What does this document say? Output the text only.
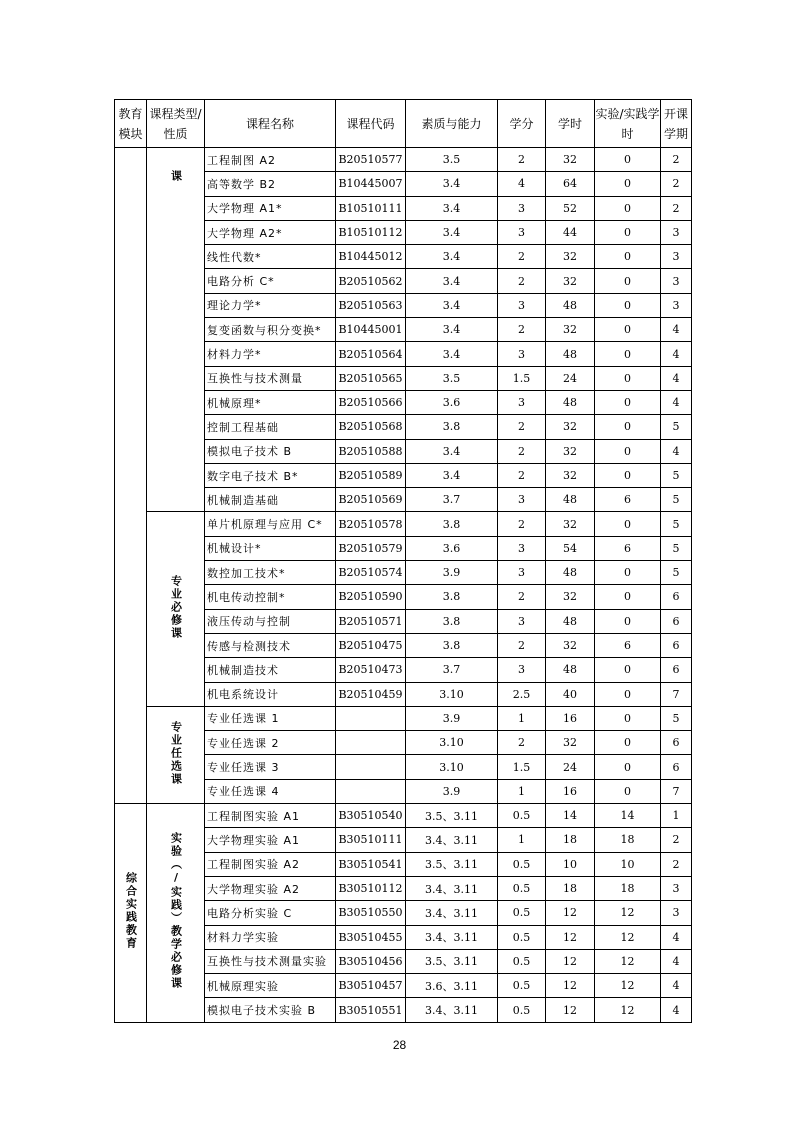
教育模块	课程类型/性质	课程名称	课程代码	素质与能力	学分	学时	实验/实践学时	开课学期
	课	工程制图 A2	B20510577	3.5	2	32	0	2
		高等数学 B2	B10445007	3.4	4	64	0	2
		大学物理 A1*	B10510111	3.4	3	52	0	2
		大学物理 A2*	B10510112	3.4	3	44	0	3
		线性代数*	B10445012	3.4	2	32	0	3
		电路分析 C*	B20510562	3.4	2	32	0	3
		理论力学*	B20510563	3.4	3	48	0	3
		复变函数与积分变换*	B10445001	3.4	2	32	0	4
		材料力学*	B20510564	3.4	3	48	0	4
		互换性与技术测量	B20510565	3.5	1.5	24	0	4
		机械原理*	B20510566	3.6	3	48	0	4
		控制工程基础	B20510568	3.8	2	32	0	5
		模拟电子技术 B	B20510588	3.4	2	32	0	4
		数字电子技术 B*	B20510589	3.4	2	32	0	5
		机械制造基础	B20510569	3.7	3	48	6	5
	专业必修课	单片机原理与应用 C*	B20510578	3.8	2	32	0	5
		机械设计*	B20510579	3.6	3	54	6	5
		数控加工技术*	B20510574	3.9	3	48	0	5
		机电传动控制*	B20510590	3.8	2	32	0	6
		液压传动与控制	B20510571	3.8	3	48	0	6
		传感与检测技术	B20510475	3.8	2	32	6	6
		机械制造技术	B20510473	3.7	3	48	0	6
		机电系统设计	B20510459	3.10	2.5	40	0	7
	专业任选课	专业任选课 1		3.9	1	16	0	5
		专业任选课 2		3.10	2	32	0	6
		专业任选课 3		3.10	1.5	24	0	6
		专业任选课 4		3.9	1	16	0	7
综合实践教育	实验（/实践）教学必修课	工程制图实验 A1	B30510540	3.5、3.11	0.5	14	14	1
		大学物理实验 A1	B30510111	3.4、3.11	1	18	18	2
		工程制图实验 A2	B30510541	3.5、3.11	0.5	10	10	2
		大学物理实验 A2	B30510112	3.4、3.11	0.5	18	18	3
		电路分析实验 C	B30510550	3.4、3.11	0.5	12	12	3
		材料力学实验	B30510455	3.4、3.11	0.5	12	12	4
		互换性与技术测量实验	B30510456	3.5、3.11	0.5	12	12	4
		机械原理实验	B30510457	3.6、3.11	0.5	12	12	4
		模拟电子技术实验 B	B30510551	3.4、3.11	0.5	12	12	4
28
